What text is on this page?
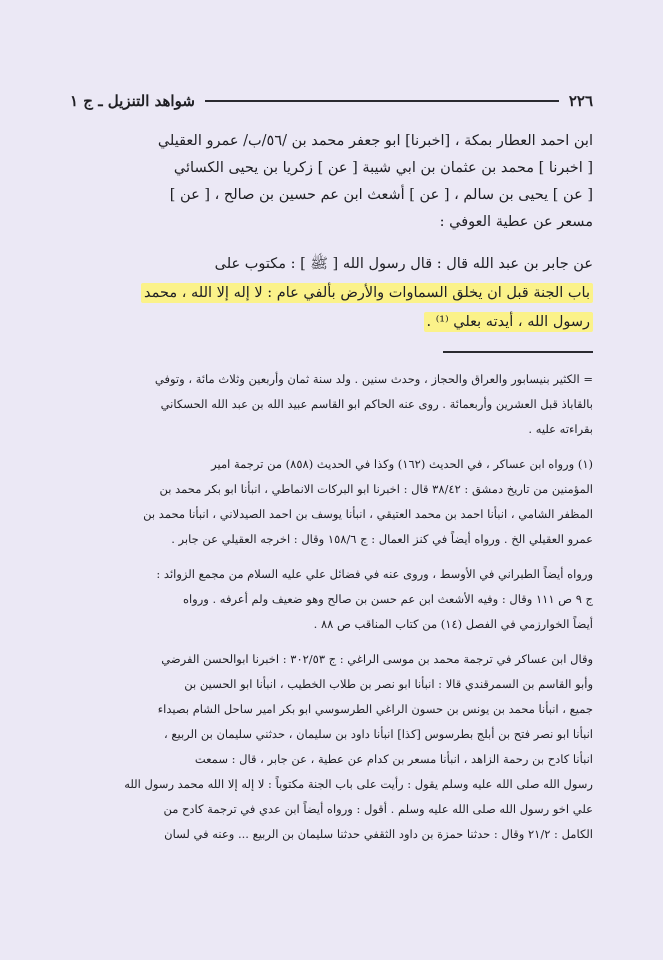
٢٢٦
شواهد التنزيل ـ ج ١
ابن احمد العطار بمكة ، [اخبرنا] ابو جعفر محمد بن /٥٦/ب/ عمرو العقيلي
[ اخبرنا ] محمد بن عثمان بن ابي شيبة [ عن ] زكريا بن يحيى الكسائي
[ عن ] يحيى بن سالم ، [ عن ] أشعث ابن عم حسين بن صالح ، [ عن ]
مسعر عن عطية العوفي :
عن جابر بن عبد الله قال : قال رسول الله [ ﷺ ] : مكتوب على
باب الجنة قبل ان يخلق السماوات والأرض بألفي عام : لا إله إلا الله ، محمد
رسول الله ، أيدته بعلي ⁽¹⁾ .
= الكثير بنيسابور والعراق والحجاز ، وحدث سنين . ولد سنة ثمان وأربعين وثلاث مائة ، وتوفي
بالقاباذ قبل العشرين وأربعمائة . روى عنه الحاكم ابو القاسم عبيد الله بن عبد الله الحسكاني
بقراءته عليه .
(١) ورواه ابن عساكر ، في الحديث (١٦٢) وكذا في الحديث (٨٥٨) من ترجمة امير
المؤمنين من تاريخ دمشق : ٣٨/٤٢ قال : اخبرنا ابو البركات الانماطي ، انبأنا ابو بكر محمد بن
المظفر الشامي ، انبأنا احمد بن محمد العتيقي ، انبأنا يوسف بن احمد الصيدلاني ، انبأنا محمد بن
عمرو العقيلي الخ . ورواه أيضاً في كنز العمال : ج ١٥٨/٦ وقال : اخرجه العقيلي عن جابر .
ورواه أيضاً الطبراني في الأوسط ، وروى عنه في فضائل علي عليه السلام من مجمع الزوائد :
ج ٩ ص ١١١ وقال : وفيه الأشعث ابن عم حسن بن صالح وهو ضعيف ولم أعرفه . ورواه
أيضاً الخوارزمي في الفصل (١٤) من كتاب المناقب ص ٨٨ .
وقال ابن عساكر في ترجمة محمد بن موسى الراغي : ج ٣٠٢/٥٣ : اخبرنا ابوالحسن الفرضي
وأبو القاسم بن السمرقندي قالا : انبأنا ابو نصر بن طلاب الخطيب ، انبأنا ابو الحسين بن
جميع ، انبأنا محمد بن يونس بن حسون الراغي الطرسوسي ابو بكر امير ساحل الشام بصيداء
انبأنا ابو نصر فتح بن أبلج بطرسوس [كذا] انبأنا داود بن سليمان ، حدثني سليمان بن الربيع ،
انبأنا كادح بن رحمة الزاهد ، انبأنا مسعر بن كدام عن عطية ، عن جابر ، قال : سمعت
رسول الله صلى الله عليه وسلم يقول : رأيت على باب الجنة مكتوباً : لا إله إلا الله محمد رسول الله
علي اخو رسول الله صلى الله عليه وسلم . أقول : ورواه أيضاً ابن عدي في ترجمة كادح من
الكامل : ٢١/٢ وقال : حدثنا حمزة بن داود الثقفي حدثنا سليمان بن الربيع ... وعنه في لسان
